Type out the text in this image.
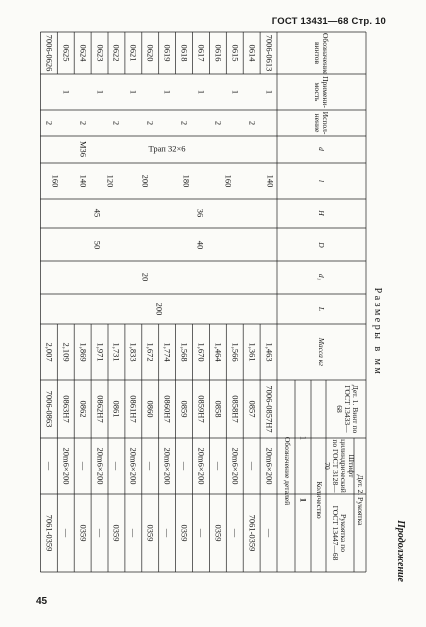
ГОСТ 13431—68 Стр. 10
Продолжение
Размеры в мм
Обозначение винтов
Применимость
Исполнение
d
l
H
D
d₁
L
Масса кг
Дет. 1. Винт по ГОСТ 13433—68
Дет. 2. Рукоятка
Штифт цилиндрический по ГОСТ 3128—70
Рукоятка по ГОСТ 13447—68
Количество
1
1
Обозначение деталей
7006-0613
1
1,463
7006-0857Н7
20m6×200
—
0614
2
1,361
0857
—
7061-0359
0615
1
1,566
0858Н7
20m6×200
—
0616
2
1,464
0858
—
0359
0617
1
1,670
0859Н7
20m6×200
—
0618
2
1,568
0859
—
0359
0619
1
1,774
0860Н7
20m6×200
—
0620
2
1,672
0860
—
0359
0621
1
1,833
0861Н7
20m6×200
—
0622
2
1,731
0861
—
0359
0623
1
1,971
0862Н7
20m6×200
—
0624
2
1,869
0862
—
0359
0625
1
2,109
0863Н7
20m6×200
—
7006-0626
2
2,007
7006-0863
—
7061-0359
Трап 32×6
М36
140
160
180
200
120
140
160
36
45
40
50
20
200
45
